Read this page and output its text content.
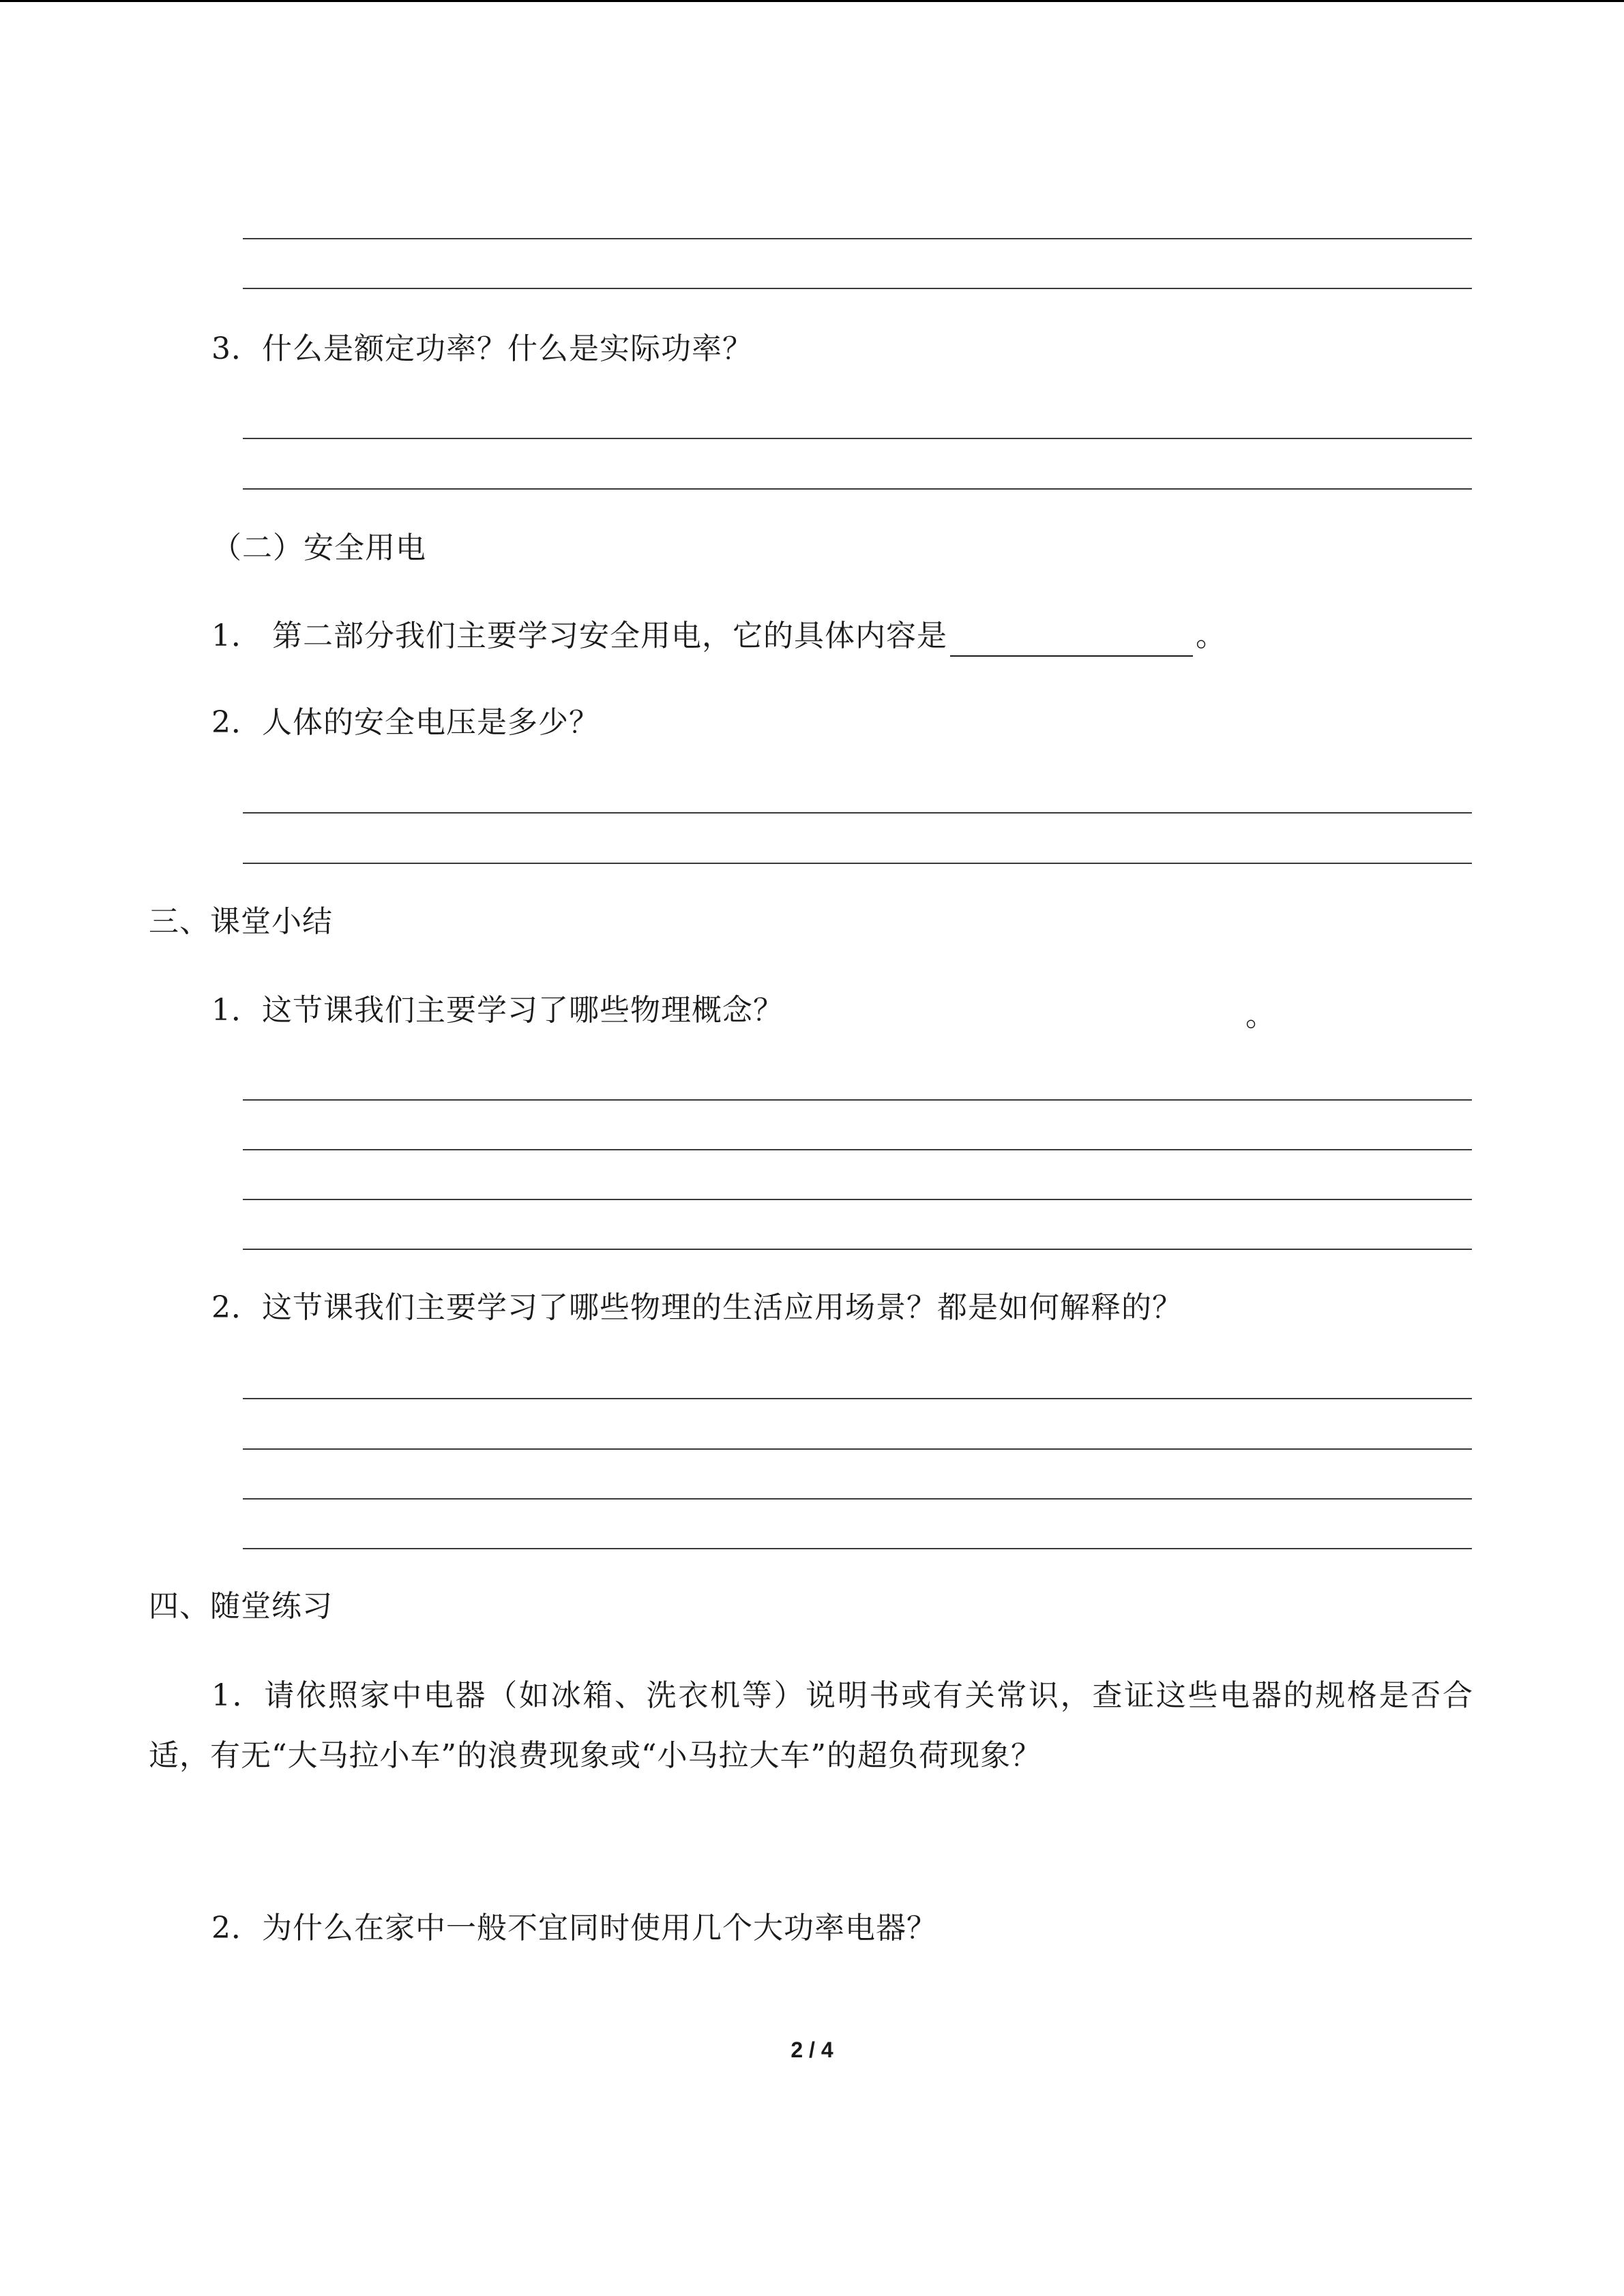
3．什么是额定功率？什么是实际功率？
（二）安全用电
1． 第二部分我们主要学习安全用电，它的具体内容是	。
2．人体的安全电压是多少？
三、课堂小结
1．这节课我们主要学习了哪些物理概念？	。
2．这节课我们主要学习了哪些物理的生活应用场景？都是如何解释的？
四、随堂练习
1．请依照家中电器（如冰箱、洗衣机等）说明书或有关常识，查证这些电器的规格是否合适，有无“大马拉小车”的浪费现象或“小马拉大车”的超负荷现象？
2．为什么在家中一般不宜同时使用几个大功率电器？
2 / 4
